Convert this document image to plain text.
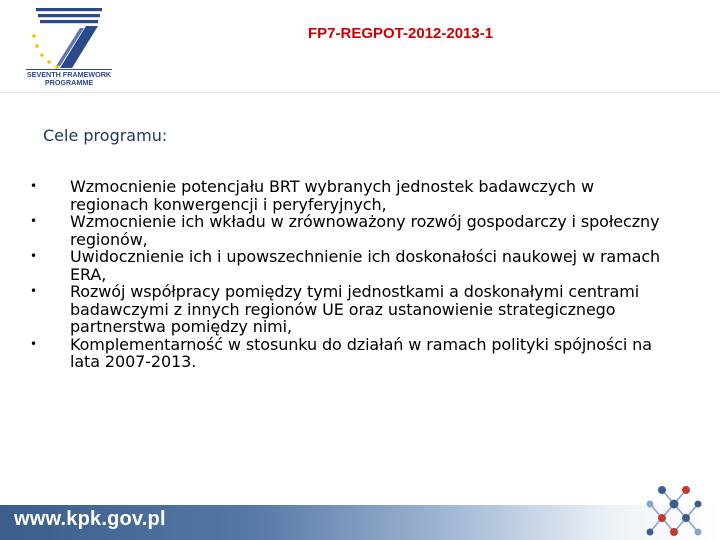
SEVENTH FRAMEWORK
PROGRAMME
FP7-REGPOT-2012-2013-1
Cele programu:
• Wzmocnienie potencjału BRT wybranych jednostek badawczych w regionach konwergencji i peryferyjnych,
• Wzmocnienie ich wkładu w zrównoważony rozwój gospodarczy i społeczny regionów,
• Uwidocznienie ich i upowszechnienie ich doskonałości naukowej w ramach ERA,
• Rozwój współpracy pomiędzy tymi jednostkami a doskonałymi centrami badawczymi z innych regionów UE oraz ustanowienie strategicznego partnerstwa pomiędzy nimi,
• Komplementarność w stosunku do działań w ramach polityki spójności na lata 2007-2013.
www.kpk.gov.pl
